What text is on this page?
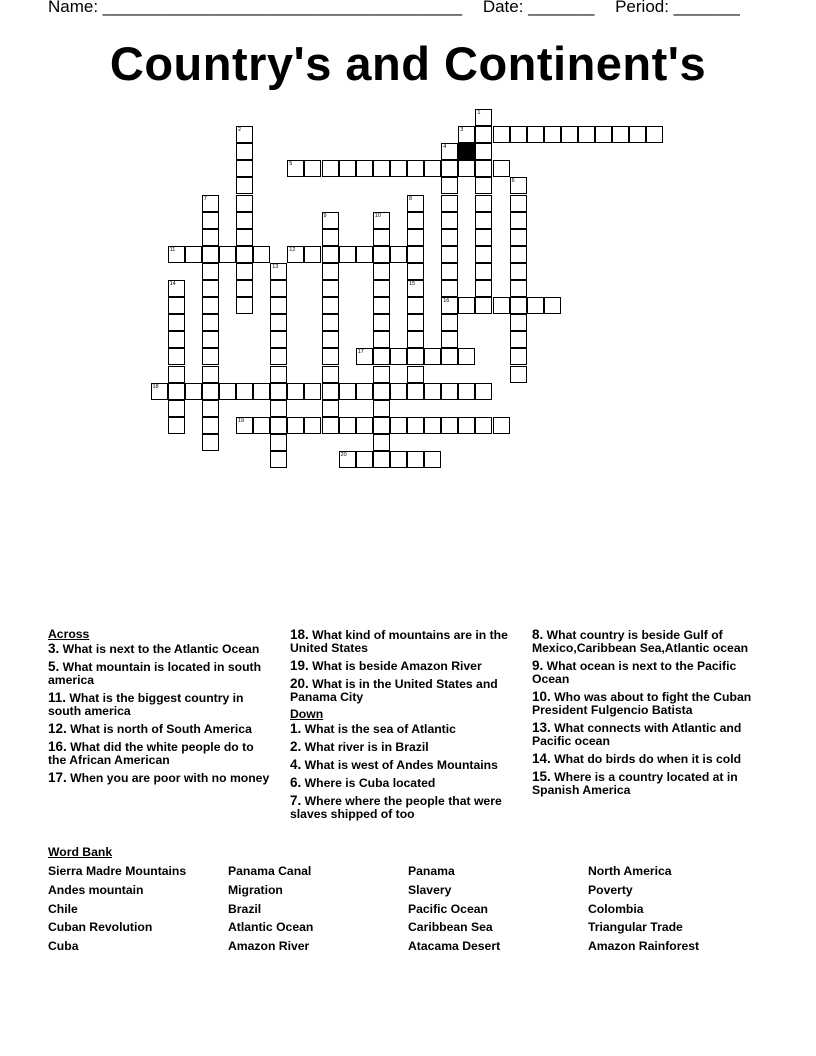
Name: ______________________________________ Date: _______ Period: _______
Country's and Continent's
1
2	3
4
16
5
6
7	8
15
9	10
11	12
13
14
17
18
19
20
Across
3. What is next to the Atlantic Ocean
5. What mountain is located in south america
11. What is the biggest country in south america
12. What is north of South America
16. What did the white people do to the African American
17. When you are poor with no money
18. What kind of mountains are in the United States
19. What is beside Amazon River
20. What is in the United States and Panama City
Down
1. What is the sea of Atlantic
2. What river is in Brazil
4. What is west of Andes Mountains
6. Where is Cuba located
7. Where where the people that were slaves shipped of too
8. What country is beside Gulf of Mexico,Caribbean Sea,Atlantic ocean
9. What ocean is next to the Pacific Ocean
10. Who was about to fight the Cuban President Fulgencio Batista
13. What connects with Atlantic and Pacific ocean
14. What do birds do when it is cold
15. Where is a country located at in Spanish America
Word Bank
Sierra Madre Mountains
Andes mountain
Chile
Cuban Revolution
Cuba
Panama Canal
Migration
Brazil
Atlantic Ocean
Amazon River
Panama
Slavery
Pacific Ocean
Caribbean Sea
Atacama Desert
North America
Poverty
Colombia
Triangular Trade
Amazon Rainforest
